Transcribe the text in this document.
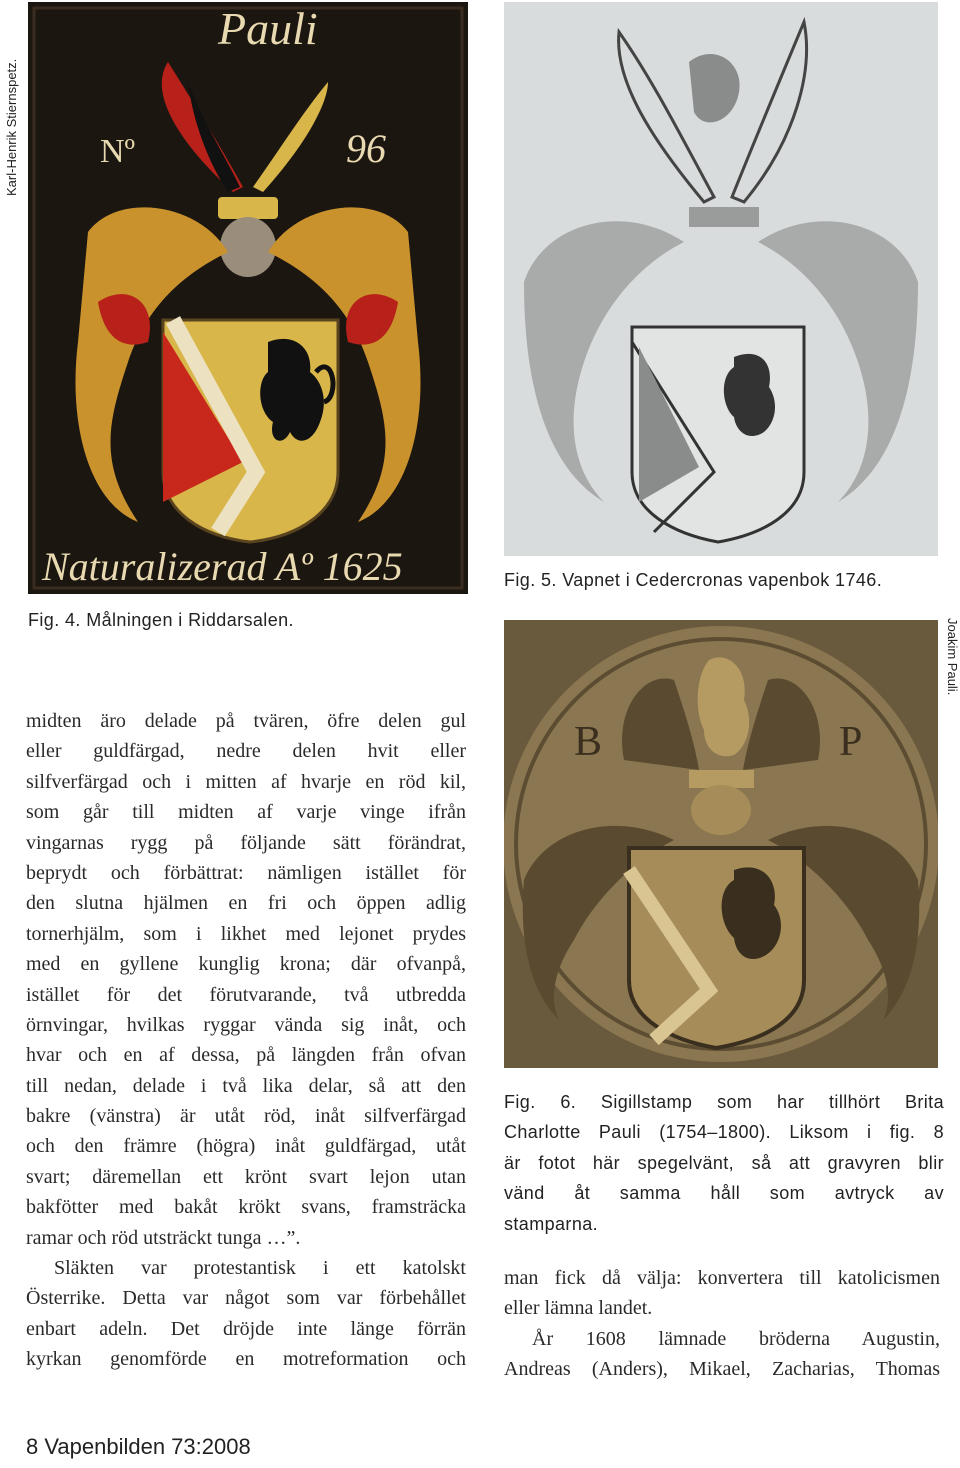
Karl-Henrik Stiernspetz.
Joakim Pauli.
Pauli
Nº	96
Naturalizerad Aº 1625
Fig. 4. Målningen i Riddarsalen.
Fig. 5. Vapnet i Cedercronas vapenbok 1746.
B	P
Fig. 6. Sigillstamp som har tillhört Brita
Charlotte Pauli (1754–1800). Liksom i fig. 8
är fotot här spegelvänt, så att gravyren blir
vänd åt samma håll som avtryck av
stamparna.
midten äro delade på tvären, öfre delen gul
eller guldfärgad, nedre delen hvit eller
silfverfärgad och i mitten af hvarje en röd kil,
som går till midten af varje vinge ifrån
vingarnas rygg på följande sätt förändrat,
beprydt och förbättrat: nämligen istället för
den slutna hjälmen en fri och öppen adlig
tornerhjälm, som i likhet med lejonet prydes
med en gyllene kunglig krona; där ofvanpå,
istället för det förutvarande, två utbredda
örnvingar, hvilkas ryggar vända sig inåt, och
hvar och en af dessa, på längden från ofvan
till nedan, delade i två lika delar, så att den
bakre (vänstra) är utåt röd, inåt silfverfärgad
och den främre (högra) inåt guldfärgad, utåt
svart; däremellan ett krönt svart lejon utan
bakfötter med bakåt krökt svans, framsträcka
ramar och röd utsträckt tunga …”.
Släkten var protestantisk i ett katolskt
Österrike. Detta var något som var förbehållet
enbart adeln. Det dröjde inte länge förrän
kyrkan genomförde en motreformation och
man fick då välja: konvertera till katolicismen
eller lämna landet.
År 1608 lämnade bröderna Augustin,
Andreas (Anders), Mikael, Zacharias, Thomas
8 Vapenbilden 73:2008
